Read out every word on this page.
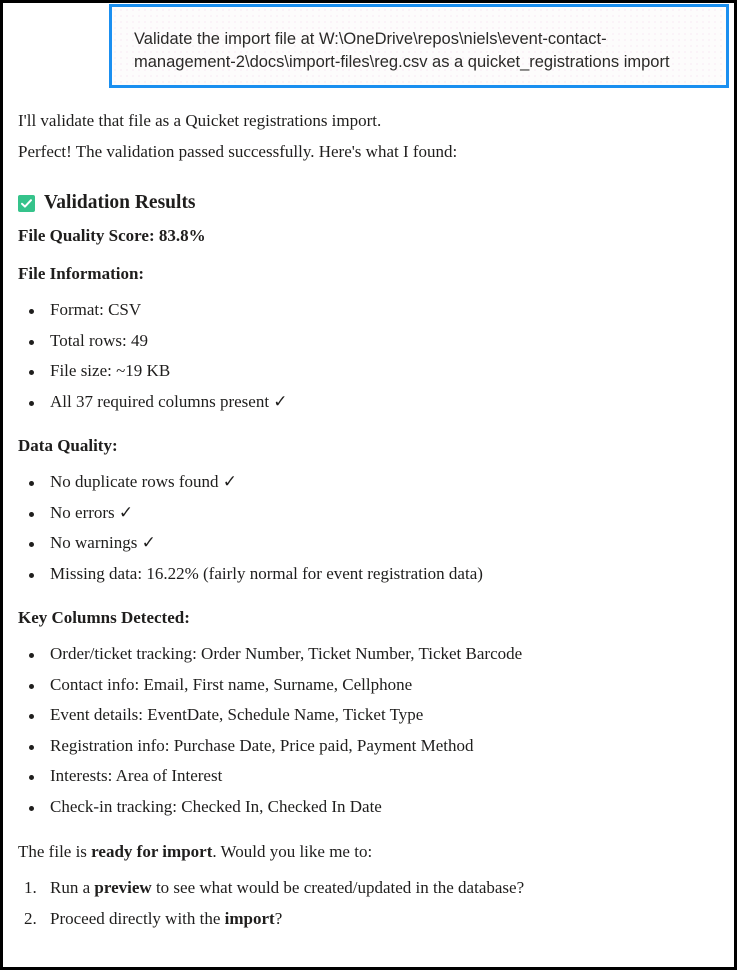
Validate the import file at W:\OneDrive\repos\niels\event-contact-
management-2\docs\import-files\reg.csv as a quicket_registrations import

I'll validate that file as a Quicket registrations import.

Perfect! The validation passed successfully. Here's what I found:

Validation Results

File Quality Score: 83.8%

File Information:

Format: CSV
Total rows: 49
File size: ~19 KB
All 37 required columns present ✓

Data Quality:

No duplicate rows found ✓
No errors ✓
No warnings ✓
Missing data: 16.22% (fairly normal for event registration data)

Key Columns Detected:

Order/ticket tracking: Order Number, Ticket Number, Ticket Barcode
Contact info: Email, First name, Surname, Cellphone
Event details: EventDate, Schedule Name, Ticket Type
Registration info: Purchase Date, Price paid, Payment Method
Interests: Area of Interest
Check-in tracking: Checked In, Checked In Date

The file is ready for import. Would you like me to:

1. Run a preview to see what would be created/updated in the database?
2. Proceed directly with the import?
